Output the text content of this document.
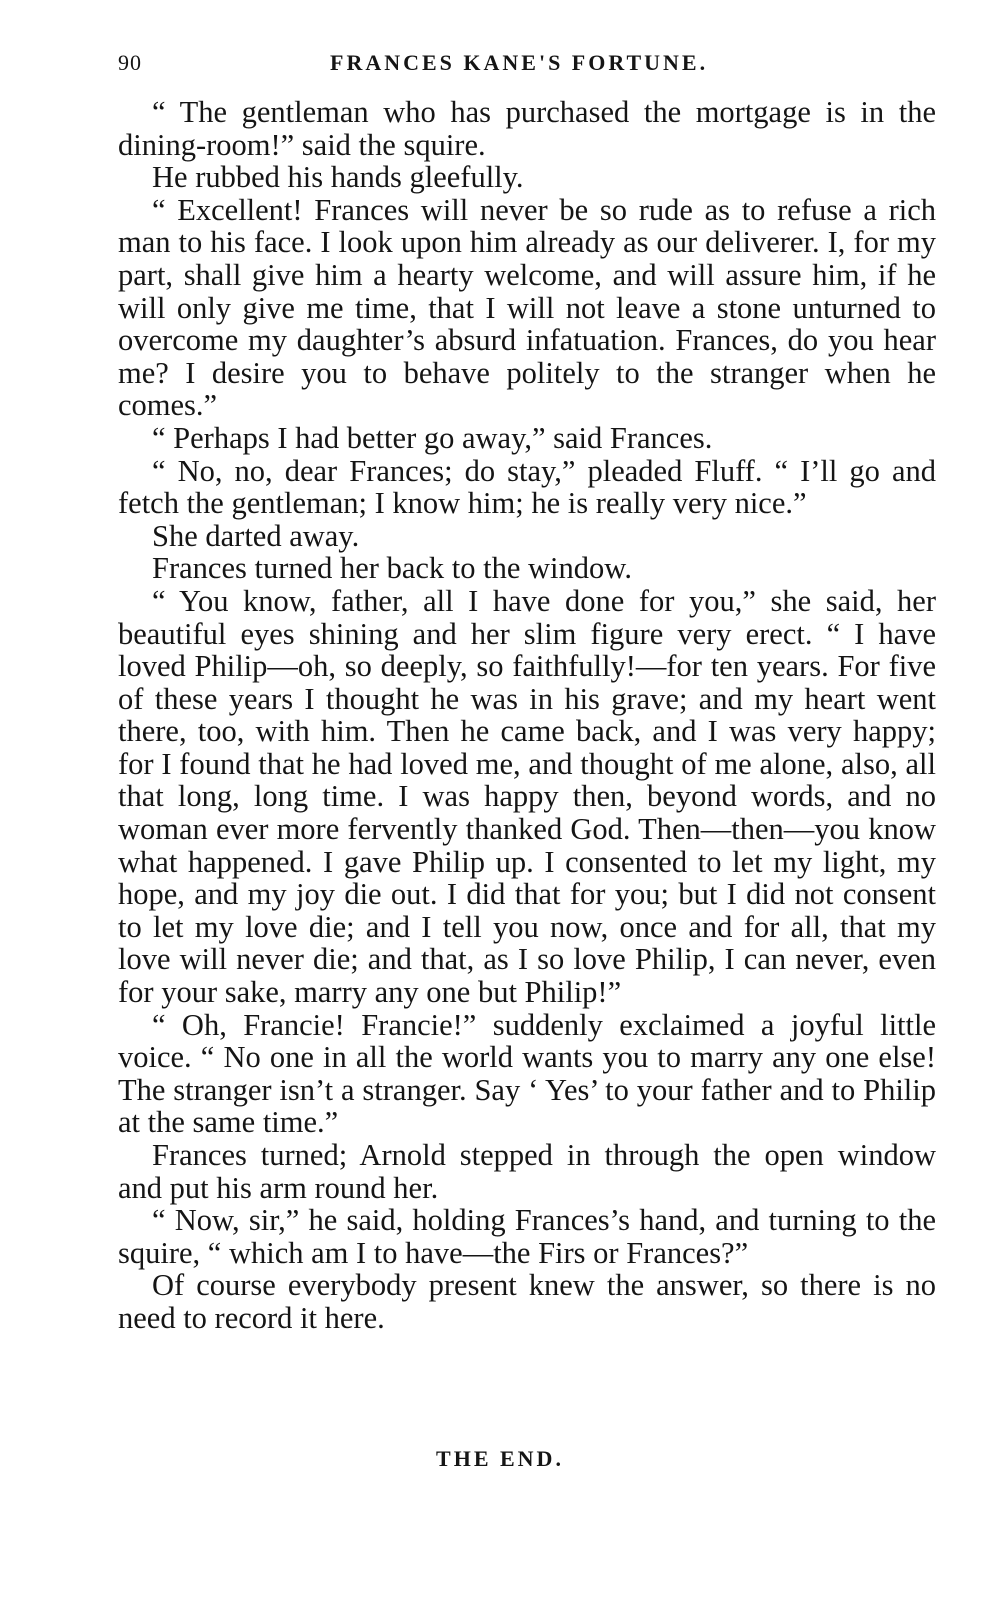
90	FRANCES KANE'S FORTUNE.

“ The gentleman who has purchased the mortgage is in the dining-room!” said the squire.

He rubbed his hands gleefully.

“ Excellent! Frances will never be so rude as to refuse a rich man to his face. I look upon him already as our deliverer. I, for my part, shall give him a hearty welcome, and will assure him, if he will only give me time, that I will not leave a stone unturned to overcome my daughter’s absurd infatuation. Frances, do you hear me? I desire you to behave politely to the stranger when he comes.”

“ Perhaps I had better go away,” said Frances.

“ No, no, dear Frances; do stay,” pleaded Fluff. “ I’ll go and fetch the gentleman; I know him; he is really very nice.”

She darted away.

Frances turned her back to the window.

“ You know, father, all I have done for you,” she said, her beautiful eyes shining and her slim figure very erect. “ I have loved Philip—oh, so deeply, so faithfully!—for ten years. For five of these years I thought he was in his grave; and my heart went there, too, with him. Then he came back, and I was very happy; for I found that he had loved me, and thought of me alone, also, all that long, long time. I was happy then, beyond words, and no woman ever more fervently thanked God. Then—then—you know what happened. I gave Philip up. I consented to let my light, my hope, and my joy die out. I did that for you; but I did not consent to let my love die; and I tell you now, once and for all, that my love will never die; and that, as I so love Philip, I can never, even for your sake, marry any one but Philip!”

“ Oh, Francie! Francie!” suddenly exclaimed a joyful little voice. “ No one in all the world wants you to marry any one else! The stranger isn’t a stranger. Say ‘ Yes’ to your father and to Philip at the same time.”

Frances turned; Arnold stepped in through the open window and put his arm round her.

“ Now, sir,” he said, holding Frances’s hand, and turning to the squire, “ which am I to have—the Firs or Frances?”

Of course everybody present knew the answer, so there is no need to record it here.

THE END.
